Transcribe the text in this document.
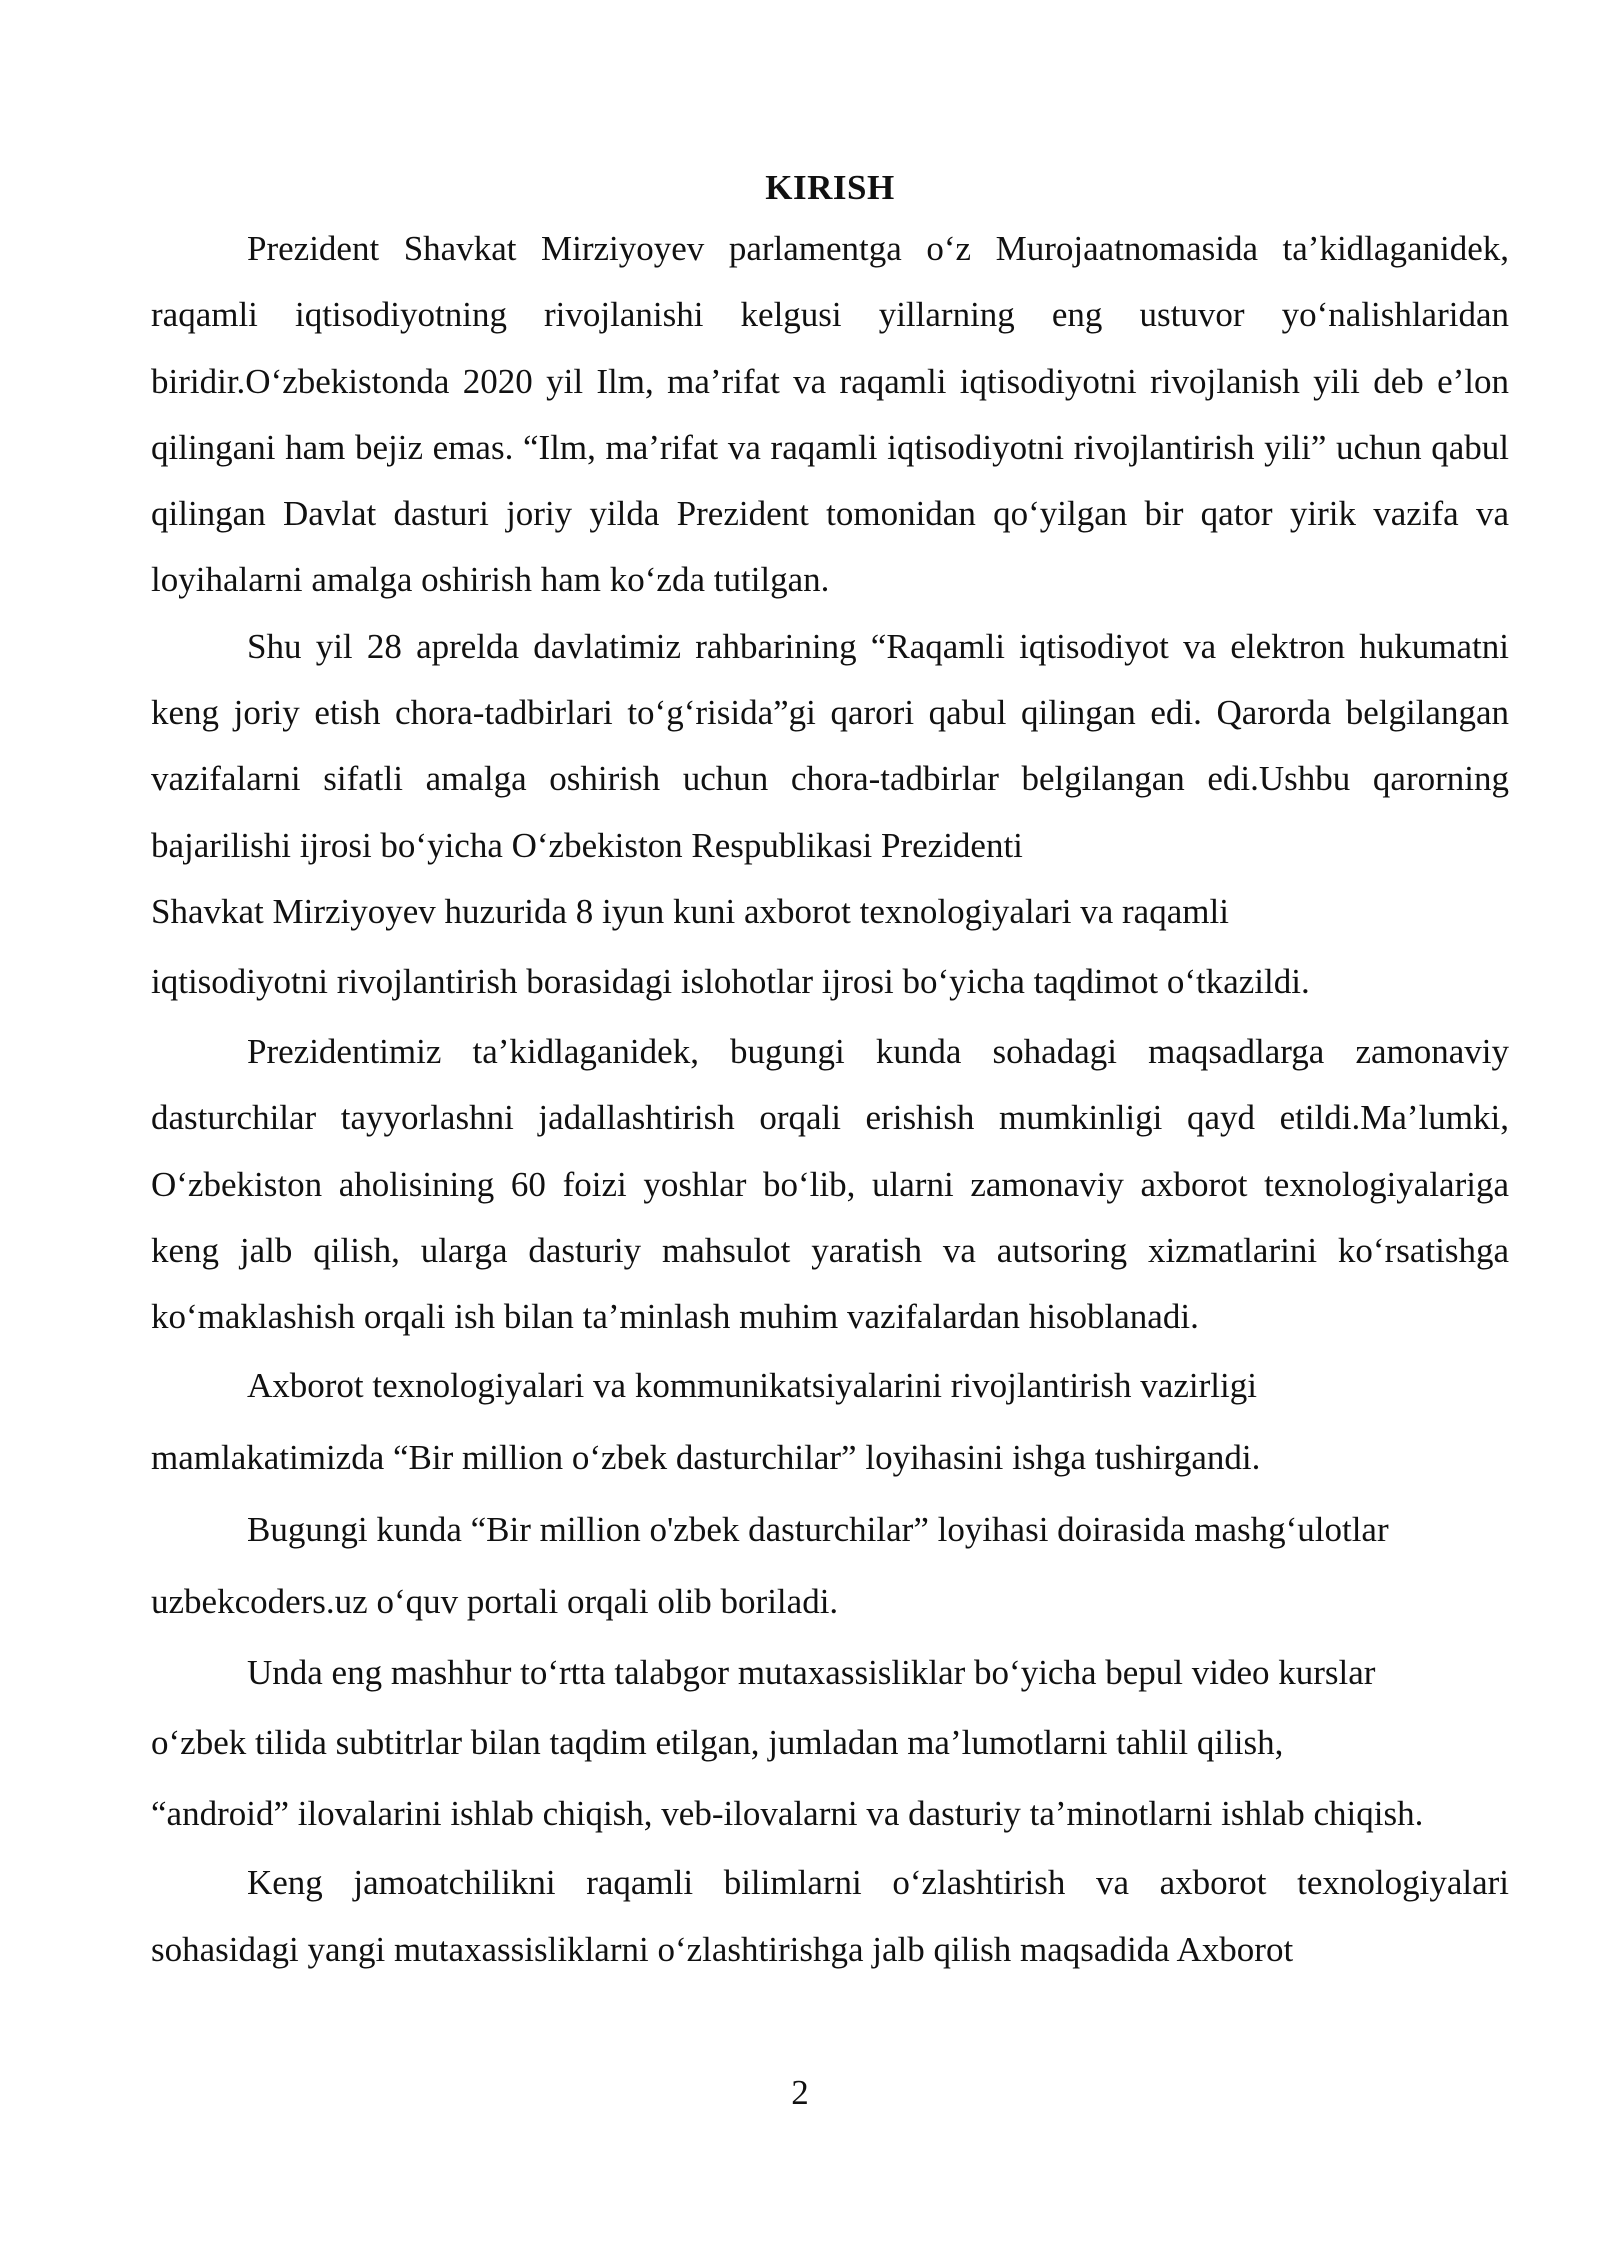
KIRISH

Prezident Shavkat Mirziyoyev parlamentga o‘z Murojaatnomasida ta’kidlaganidek, raqamli iqtisodiyotning rivojlanishi kelgusi yillarning eng ustuvor yo‘nalishlaridan biridir.O‘zbekistonda 2020 yil Ilm, ma’rifat va raqamli iqtisodiyotni rivojlanish yili deb e’lon qilingani ham bejiz emas. “Ilm, ma’rifat va raqamli iqtisodiyotni rivojlantirish yili” uchun qabul qilingan Davlat dasturi joriy yilda Prezident tomonidan qo‘yilgan bir qator yirik vazifa va loyihalarni amalga oshirish ham ko‘zda tutilgan.

Shu yil 28 aprelda davlatimiz rahbarining “Raqamli iqtisodiyot va elektron hukumatni keng joriy etish chora-tadbirlari to‘g‘risida”gi qarori qabul qilingan edi. Qarorda belgilangan vazifalarni sifatli amalga oshirish uchun chora-tadbirlar belgilangan edi.Ushbu qarorning bajarilishi ijrosi bo‘yicha O‘zbekiston Respublikasi Prezidenti

Shavkat Mirziyoyev huzurida 8 iyun kuni axborot texnologiyalari va raqamli
iqtisodiyotni rivojlantirish borasidagi islohotlar ijrosi bo‘yicha taqdimot o‘tkazildi.

Prezidentimiz ta’kidlaganidek, bugungi kunda sohadagi maqsadlarga zamonaviy dasturchilar tayyorlashni jadallashtirish orqali erishish mumkinligi qayd etildi.Ma’lumki, O‘zbekiston aholisining 60 foizi yoshlar bo‘lib, ularni zamonaviy axborot texnologiyalariga keng jalb qilish, ularga dasturiy mahsulot yaratish va autsoring xizmatlarini ko‘rsatishga ko‘maklashish orqali ish bilan ta’minlash muhim vazifalardan hisoblanadi.

Axborot texnologiyalari va kommunikatsiyalarini rivojlantirish vazirligi
mamlakatimizda “Bir million o‘zbek dasturchilar” loyihasini ishga tushirgandi.
Bugungi kunda “Bir million o'zbek dasturchilar” loyihasi doirasida mashg‘ulotlar
uzbekcoders.uz o‘quv portali orqali olib boriladi.
Unda eng mashhur to‘rtta talabgor mutaxassisliklar bo‘yicha bepul video kurslar
o‘zbek tilida subtitrlar bilan taqdim etilgan, jumladan ma’lumotlarni tahlil qilish,
“android” ilovalarini ishlab chiqish, veb-ilovalarni va dasturiy ta’minotlarni ishlab chiqish.

Keng jamoatchilikni raqamli bilimlarni o‘zlashtirish va axborot texnologiyalari sohasidagi yangi mutaxassisliklarni o‘zlashtirishga jalb qilish maqsadida Axborot

2
